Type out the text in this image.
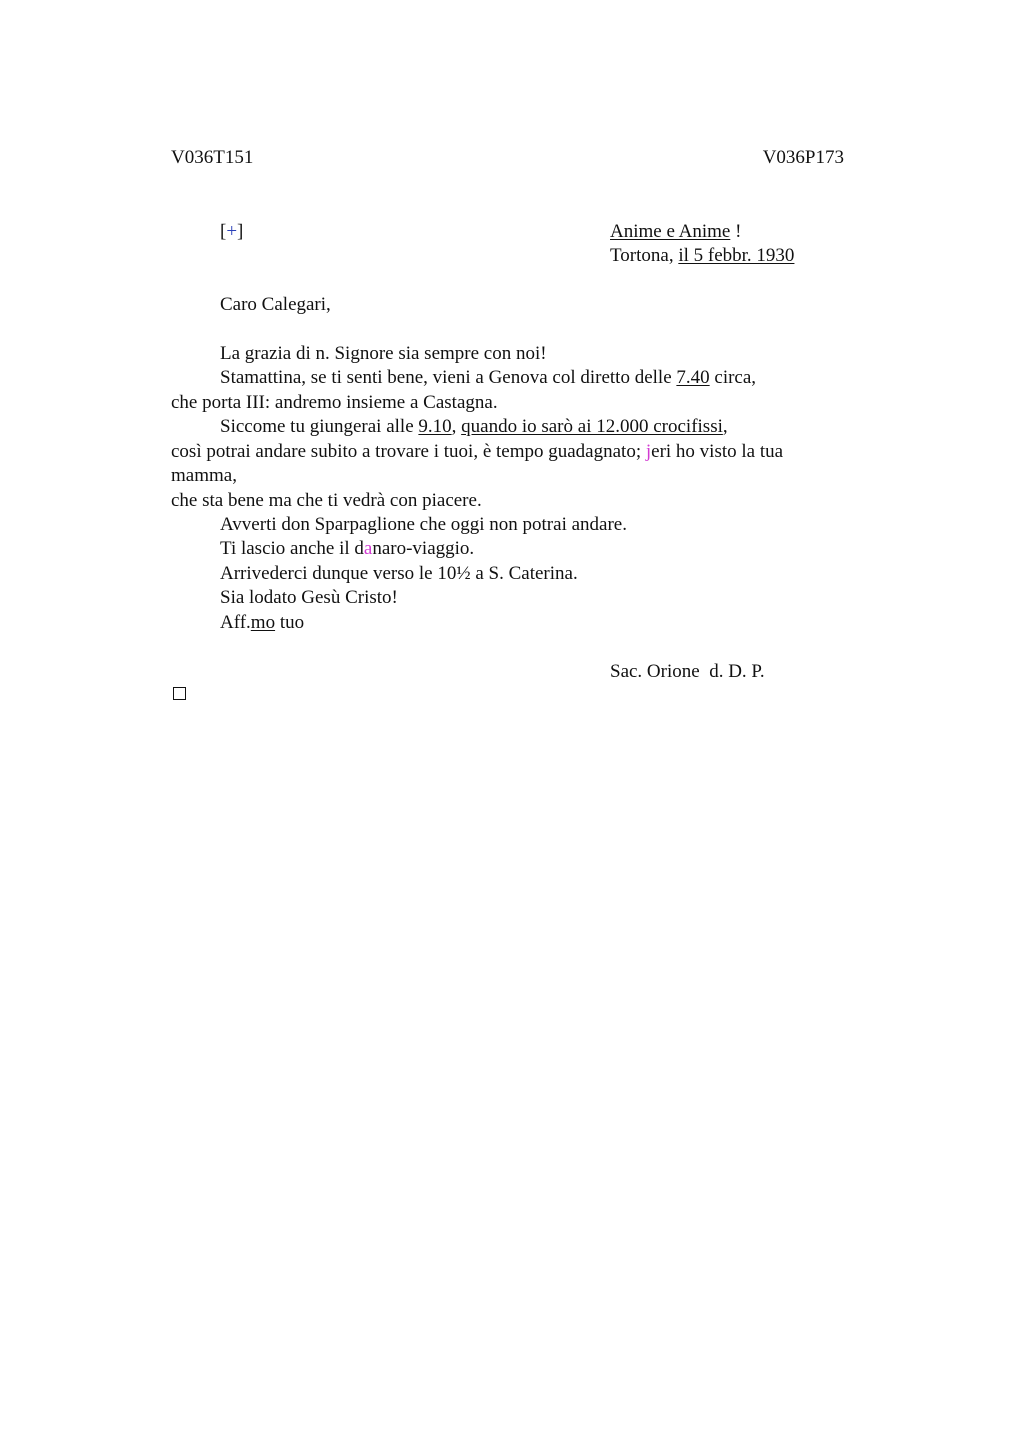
V036T151	V036P173
[+]	Anime e Anime !
Tortona, il 5 febbr. 1930
Caro Calegari,
La grazia di n. Signore sia sempre con noi!
Stamattina, se ti senti bene, vieni a Genova col diretto delle 7.40 circa,
che porta III: andremo insieme a Castagna.
Siccome tu giungerai alle 9.10, quando io sarò ai 12.000 crocifissi,
così potrai andare subito a trovare i tuoi, è tempo guadagnato; jeri ho visto la tua
mamma,
che sta bene ma che ti vedrà con piacere.
Avverti don Sparpaglione che oggi non potrai andare.
Ti lascio anche il danaro-viaggio.
Arrivederci dunque verso le 10½ a S. Caterina.
Sia lodato Gesù Cristo!
Aff.mo tuo
Sac. Orione  d. D. P.
